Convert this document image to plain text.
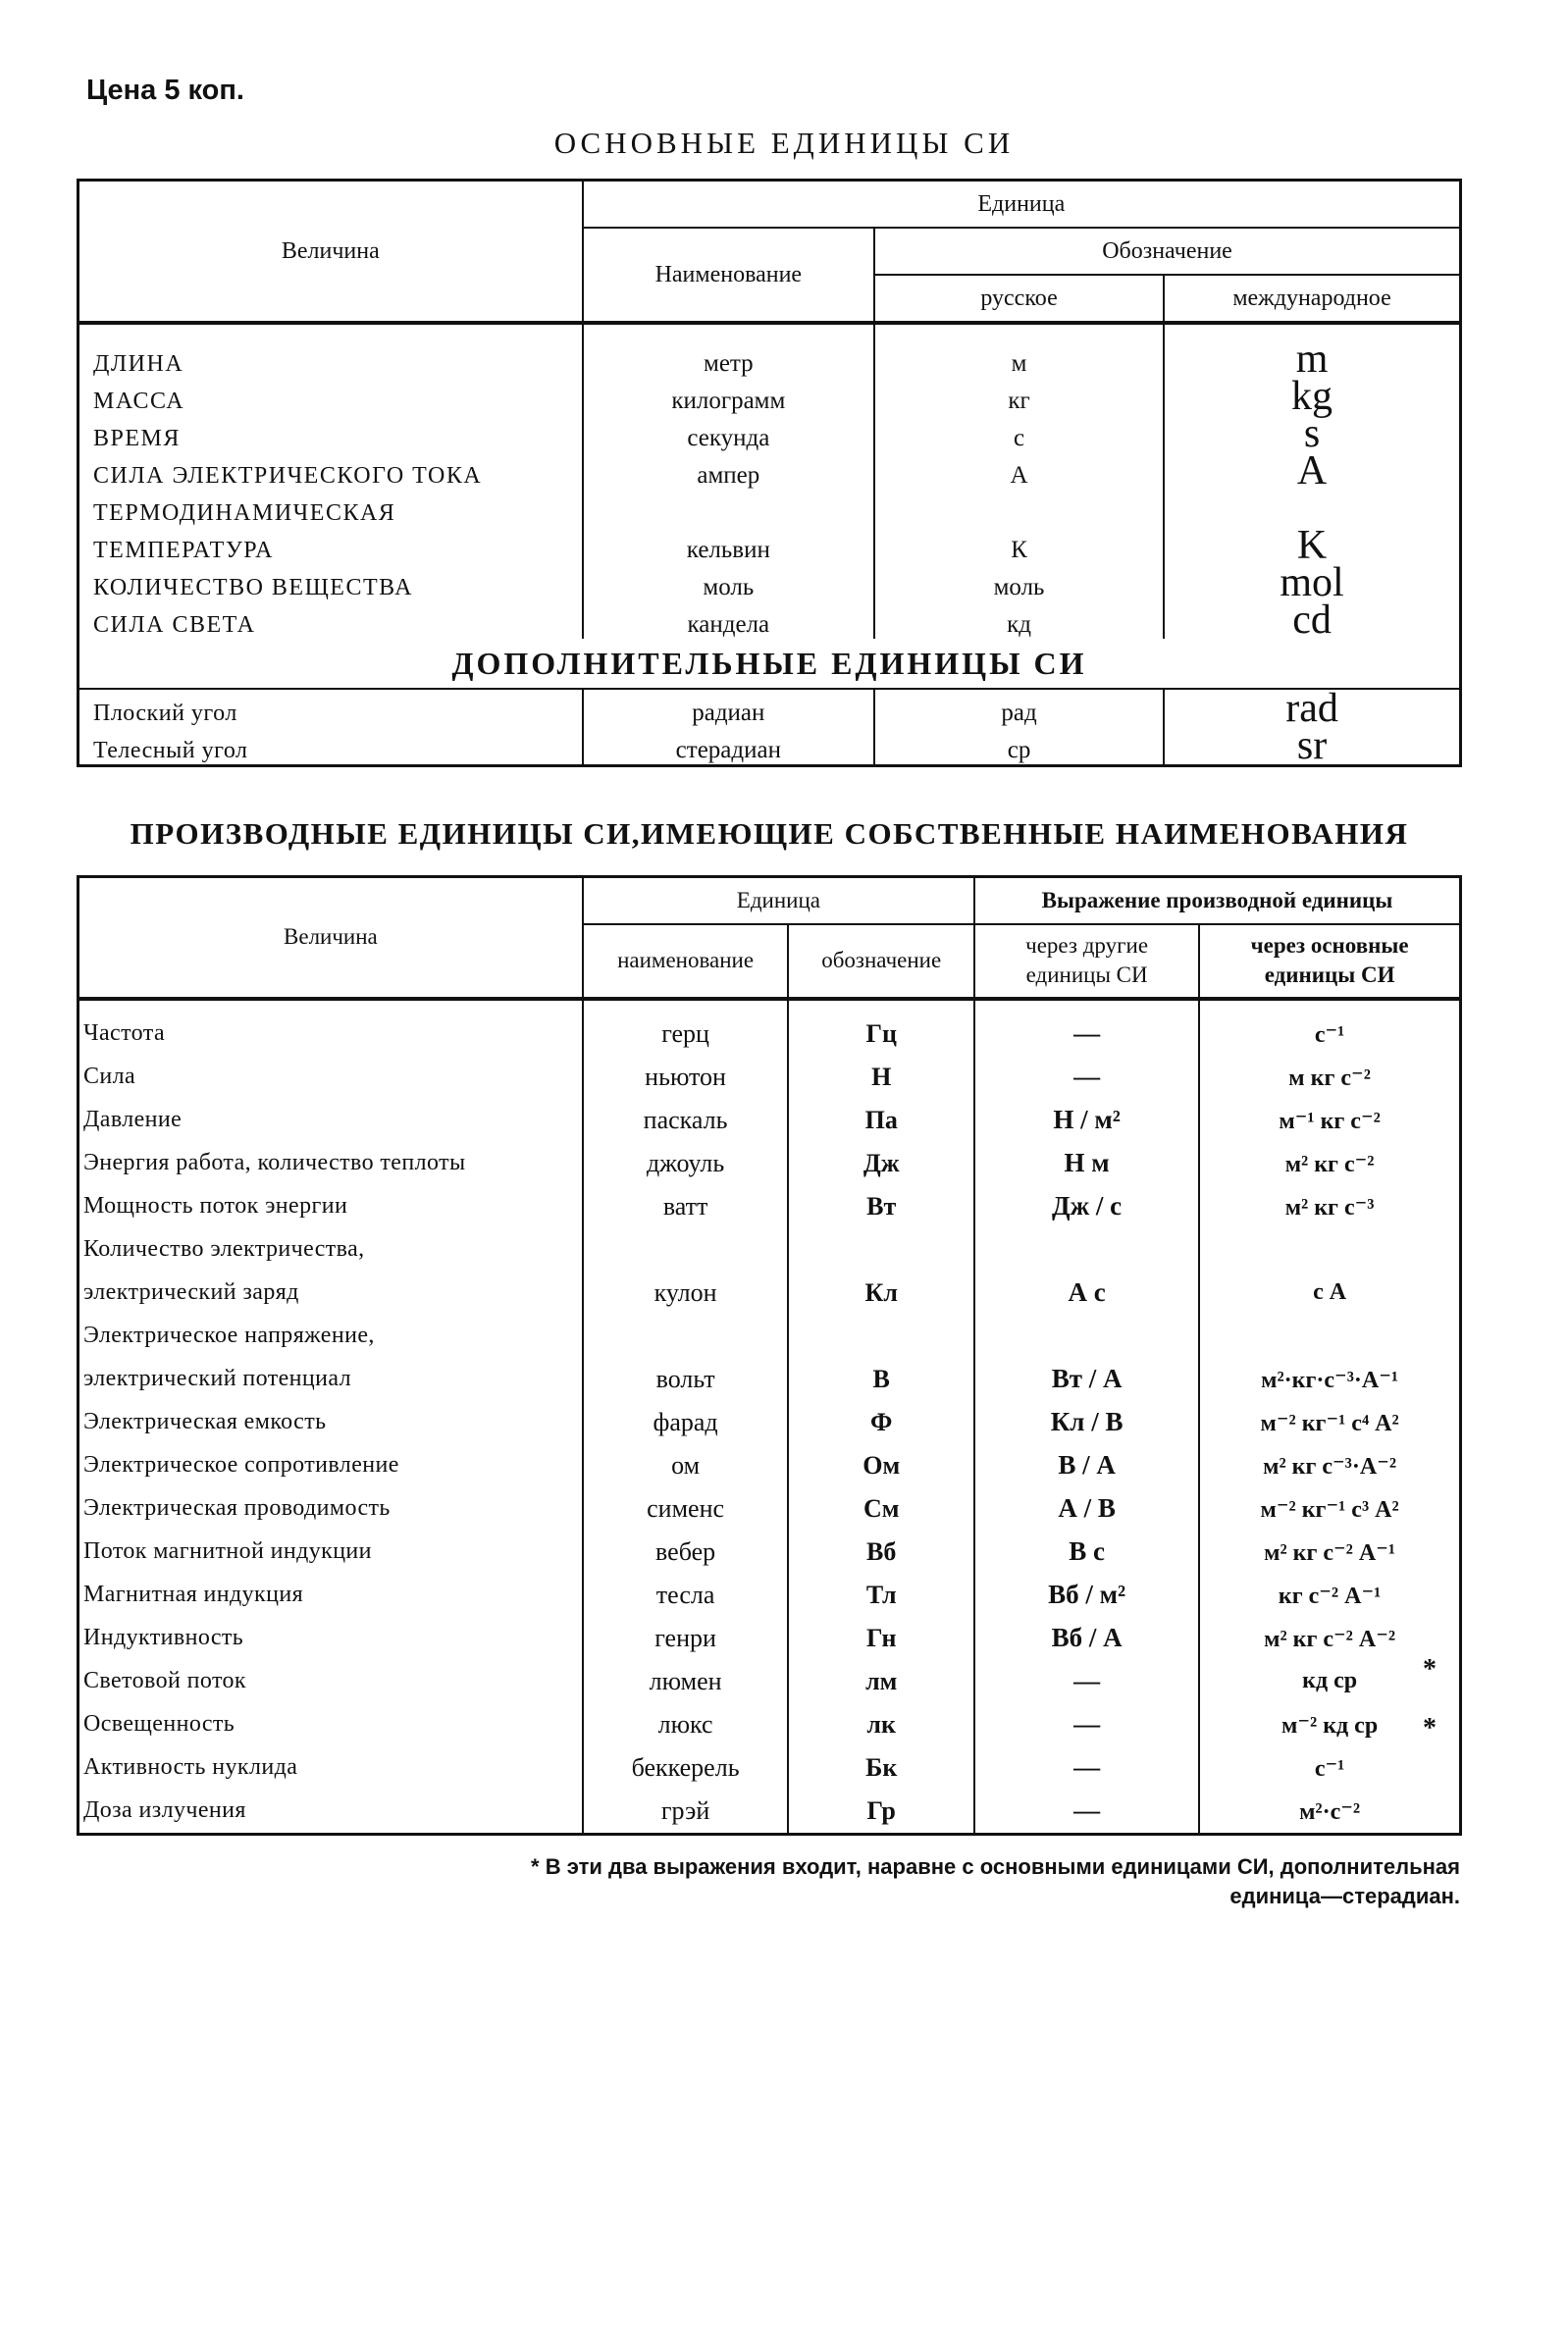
Цена 5 коп.
ОСНОВНЫЕ ЕДИНИЦЫ СИ
Величина	Единица		
	Наименование	Обозначение	
		русское	международное
ДЛИНА	метр	м	m
МАССА	килограмм	кг	kg
ВРЕМЯ	секунда	с	s
СИЛА ЭЛЕКТРИЧЕСКОГО ТОКА	ампер	А	A
ТЕРМОДИНАМИЧЕСКАЯ			
ТЕМПЕРАТУРА	кельвин	К	K
КОЛИЧЕСТВО ВЕЩЕСТВА	моль	моль	mol
СИЛА СВЕТА	кандела	кд	cd
ДОПОЛНИТЕЛЬНЫЕ ЕДИНИЦЫ СИ			
Плоский угол	радиан	рад	rad
Телесный угол	стерадиан	ср	sr
ПРОИЗВОДНЫЕ ЕДИНИЦЫ СИ,ИМЕЮЩИЕ СОБСТВЕННЫЕ НАИМЕНОВАНИЯ
Величина	Единица		Выражение производной единицы	
	наименование	обозначение	через другие единицы СИ	через основные единицы СИ
Частота	герц	Гц	—	с⁻¹
Сила	ньютон	Н	—	м кг с⁻²
Давление	паскаль	Па	Н / м²	м⁻¹ кг с⁻²
Энергия работа, количество теплоты	джоуль	Дж	Н м	м² кг с⁻²
Мощность поток энергии	ватт	Вт	Дж / с	м² кг с⁻³
Количество электричества,				
электрический заряд	кулон	Кл	А с	с А
Электрическое напряжение,				
электрический потенциал	вольт	В	Вт / А	м²·кг·с⁻³·А⁻¹
Электрическая емкость	фарад	Ф	Кл / В	м⁻² кг⁻¹ с⁴ А²
Электрическое сопротивление	ом	Ом	В / А	м² кг с⁻³·А⁻²
Электрическая проводимость	сименс	См	А / В	м⁻² кг⁻¹ с³ А²
Поток магнитной индукции	вебер	Вб	В с	м² кг с⁻² А⁻¹
Магнитная индукция	тесла	Тл	Вб / м²	кг с⁻² А⁻¹
Индуктивность	генри	Гн	Вб / А	м² кг с⁻² А⁻²
Световой поток	люмен	лм	—	кд ср
Освещенность	люкс	лк	—	м⁻² кд ср
Активность нуклида	беккерель	Бк	—	с⁻¹
Доза излучения	грэй	Гр	—	м²·с⁻²
*
*
* В эти два выражения входит, наравне с основными единицами СИ, дополнительная
единица—стерадиан.
